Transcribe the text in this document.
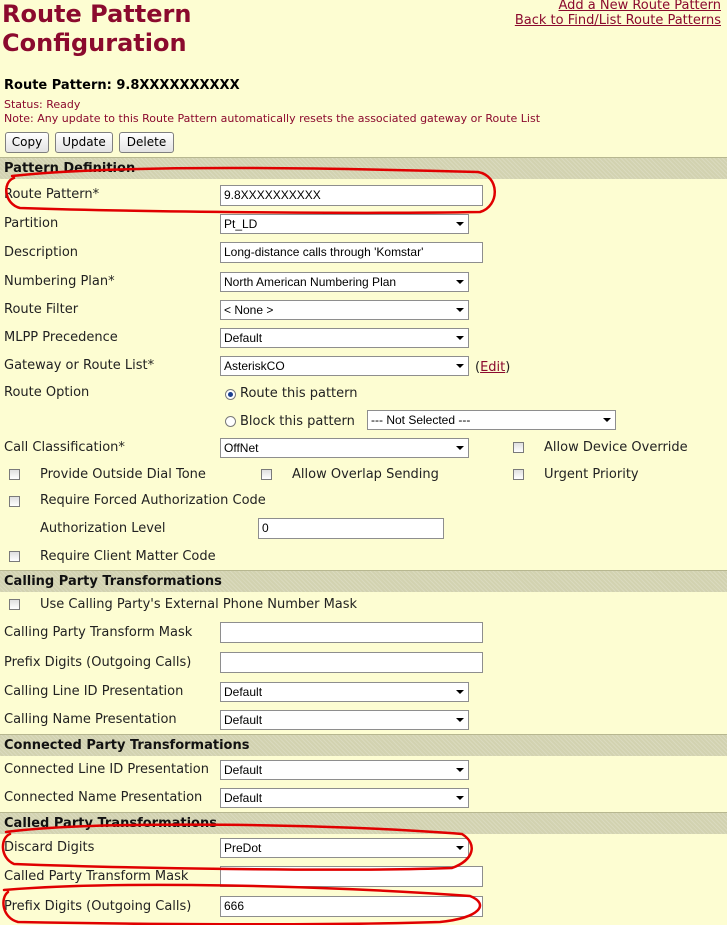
Route Pattern
Configuration
Add a New Route Pattern
Back to Find/List Route Patterns
Route Pattern: 9.8XXXXXXXXXX
Status: Ready
Note: Any update to this Route Pattern automatically resets the associated gateway or Route List
Copy	Update	Delete
Pattern Definition
Route Pattern*	9.8XXXXXXXXXX
Partition	Pt_LD
Description	Long-distance calls through 'Komstar'
Numbering Plan*	North American Numbering Plan
Route Filter	< None >
MLPP Precedence	Default
Gateway or Route List*	AsteriskCO	(Edit)
Route Option	Route this pattern
Block this pattern	--- Not Selected ---
Call Classification*	OffNet	Allow Device Override
Provide Outside Dial Tone	Allow Overlap Sending	Urgent Priority
Require Forced Authorization Code
Authorization Level	0
Require Client Matter Code
Calling Party Transformations
Use Calling Party's External Phone Number Mask
Calling Party Transform Mask
Prefix Digits (Outgoing Calls)
Calling Line ID Presentation	Default
Calling Name Presentation	Default
Connected Party Transformations
Connected Line ID Presentation	Default
Connected Name Presentation	Default
Called Party Transformations
Discard Digits	PreDot
Called Party Transform Mask
Prefix Digits (Outgoing Calls)	666
